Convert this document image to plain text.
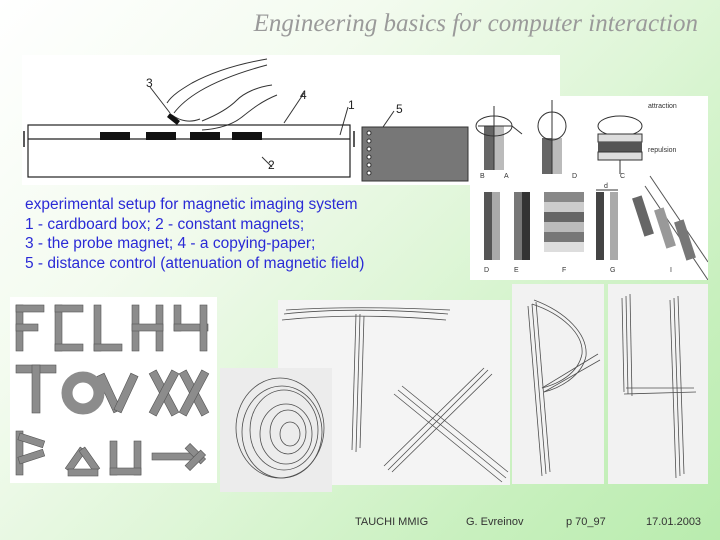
Engineering basics for computer interaction
3
4
1	5
2
attraction
repulsion
A
B	C
D
D	E	F	G	I
d
experimental setup for magnetic imaging system
1 - cardboard box; 2 - constant magnets;
3 - the probe magnet; 4 - a copying-paper;
5 - distance control (attenuation of magnetic field)
TAUCHI MMIG	G. Evreinov	p 70_97	17.01.2003
